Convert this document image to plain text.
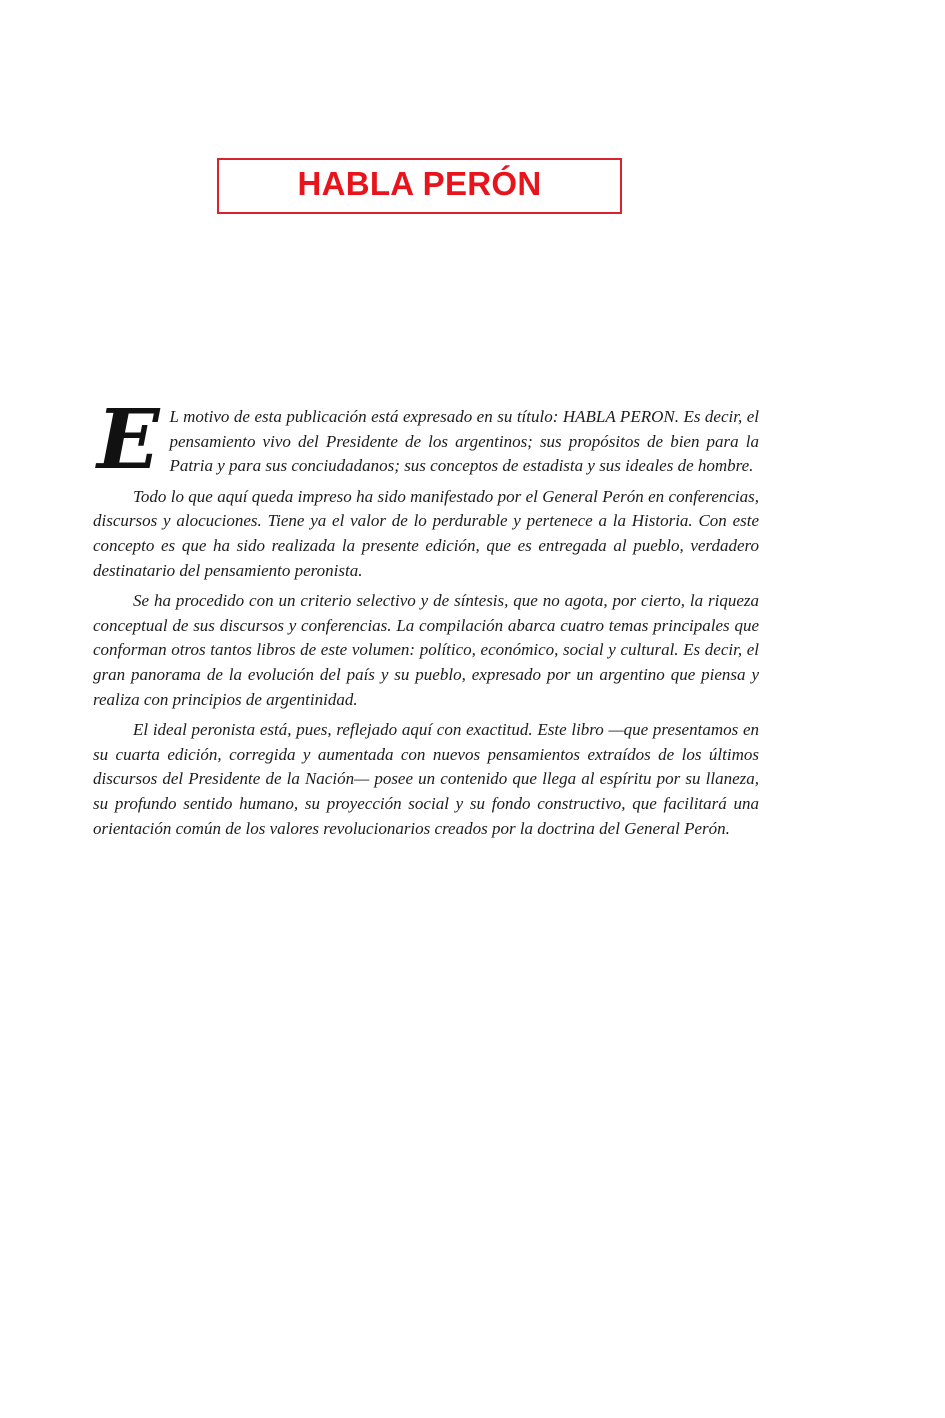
HABLA PERÓN

E L motivo de esta publicación está expresado en su título: HABLA PERON. Es decir, el pensamiento vivo del Presidente de los argentinos; sus propósitos de bien para la Patria y para sus conciudadanos; sus conceptos de estadista y sus ideales de hombre.

Todo lo que aquí queda impreso ha sido manifestado por el General Perón en conferencias, discursos y alocuciones. Tiene ya el valor de lo perdurable y pertenece a la Historia. Con este concepto es que ha sido realizada la presente edición, que es entregada al pueblo, verdadero destinatario del pensamiento peronista.

Se ha procedido con un criterio selectivo y de síntesis, que no agota, por cierto, la riqueza conceptual de sus discursos y conferencias. La compilación abarca cuatro temas principales que conforman otros tantos libros de este volumen: político, económico, social y cultural. Es decir, el gran panorama de la evolución del país y su pueblo, expresado por un argentino que piensa y realiza con principios de argentinidad.

El ideal peronista está, pues, reflejado aquí con exactitud. Este libro —que presentamos en su cuarta edición, corregida y aumentada con nuevos pensamientos extraídos de los últimos discursos del Presidente de la Nación— posee un contenido que llega al espíritu por su llaneza, su profundo sentido humano, su proyección social y su fondo constructivo, que facilitará una orientación común de los valores revolucionarios creados por la doctrina del General Perón.
